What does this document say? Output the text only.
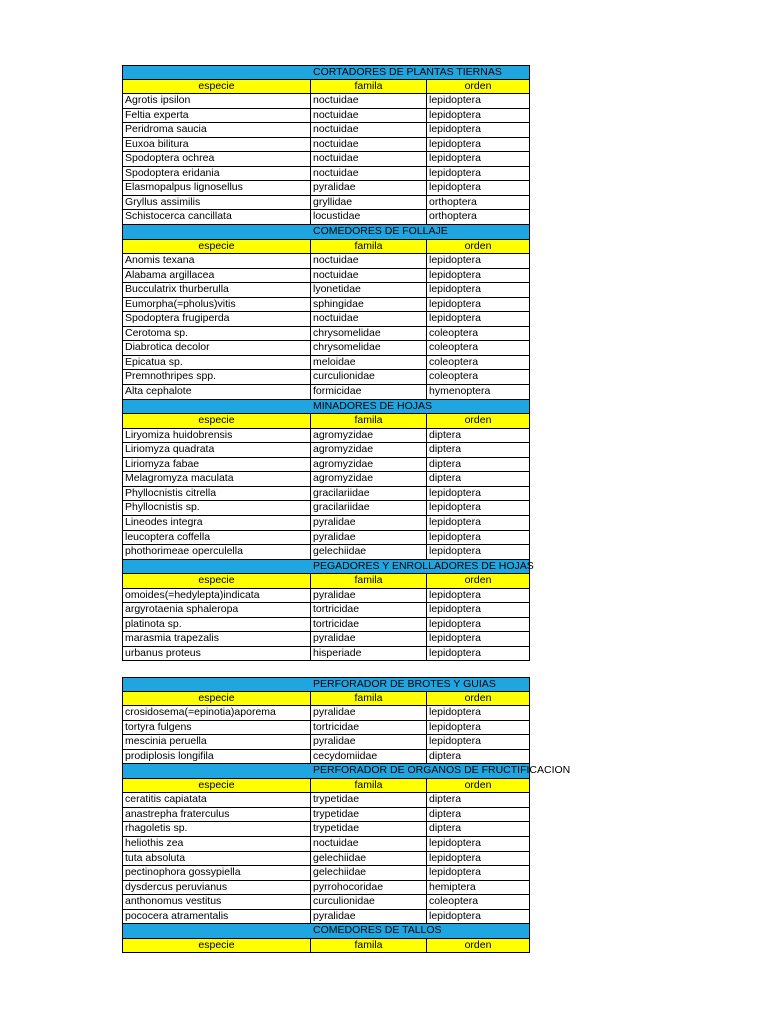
CORTADORES DE PLANTAS TIERNAS
especie	famila	orden
Agrotis ipsilon	noctuidae	lepidoptera
Feltia experta	noctuidae	lepidoptera
Peridroma saucia	noctuidae	lepidoptera
Euxoa bilitura	noctuidae	lepidoptera
Spodoptera ochrea	noctuidae	lepidoptera
Spodoptera eridania	noctuidae	lepidoptera
Elasmopalpus lignosellus	pyralidae	lepidoptera
Gryllus assimilis	gryllidae	orthoptera
Schistocerca cancillata	locustidae	orthoptera
COMEDORES DE FOLLAJE
especie	famila	orden
Anomis texana	noctuidae	lepidoptera
Alabama argillacea	noctuidae	lepidoptera
Bucculatrix thurberulla	lyonetidae	lepidoptera
Eumorpha(=pholus)vitis	sphingidae	lepidoptera
Spodoptera frugiperda	noctuidae	lepidoptera
Cerotoma sp.	chrysomelidae	coleoptera
Diabrotica decolor	chrysomelidae	coleoptera
Epicatua sp.	meloidae	coleoptera
Premnothripes spp.	curculionidae	coleoptera
Alta cephalote	formicidae	hymenoptera
MINADORES DE HOJAS
especie	famila	orden
Liryomiza huidobrensis	agromyzidae	diptera
Liriomyza quadrata	agromyzidae	diptera
Liriomyza fabae	agromyzidae	diptera
Melagromyza maculata	agromyzidae	diptera
Phyllocnistis citrella	gracilariidae	lepidoptera
Phyllocnistis sp.	gracilariidae	lepidoptera
Lineodes integra	pyralidae	lepidoptera
leucoptera coffella	pyralidae	lepidoptera
phothorimeae operculella	gelechiidae	lepidoptera
PEGADORES Y ENROLLADORES DE HOJAS
especie	famila	orden
omoides(=hedylepta)indicata	pyralidae	lepidoptera
argyrotaenia sphaleropa	tortricidae	lepidoptera
platinota sp.	tortricidae	lepidoptera
marasmia trapezalis	pyralidae	lepidoptera
urbanus proteus	hisperiade	lepidoptera
PERFORADOR DE BROTES Y GUIAS
especie	famila	orden
crosidosema(=epinotia)aporema	pyralidae	lepidoptera
tortyra fulgens	tortricidae	lepidoptera
mescinia peruella	pyralidae	lepidoptera
prodiplosis longifila	cecydomiidae	diptera
PERFORADOR DE ORGANOS DE FRUCTIFICACION
especie	famila	orden
ceratitis capiatata	trypetidae	diptera
anastrepha fraterculus	trypetidae	diptera
rhagoletis sp.	trypetidae	diptera
heliothis zea	noctuidae	lepidoptera
tuta absoluta	gelechiidae	lepidoptera
pectinophora gossypiella	gelechiidae	lepidoptera
dysdercus peruvianus	pyrrohocoridae	hemiptera
anthonomus vestitus	curculionidae	coleoptera
pococera atramentalis	pyralidae	lepidoptera
COMEDORES DE TALLOS
especie	famila	orden
